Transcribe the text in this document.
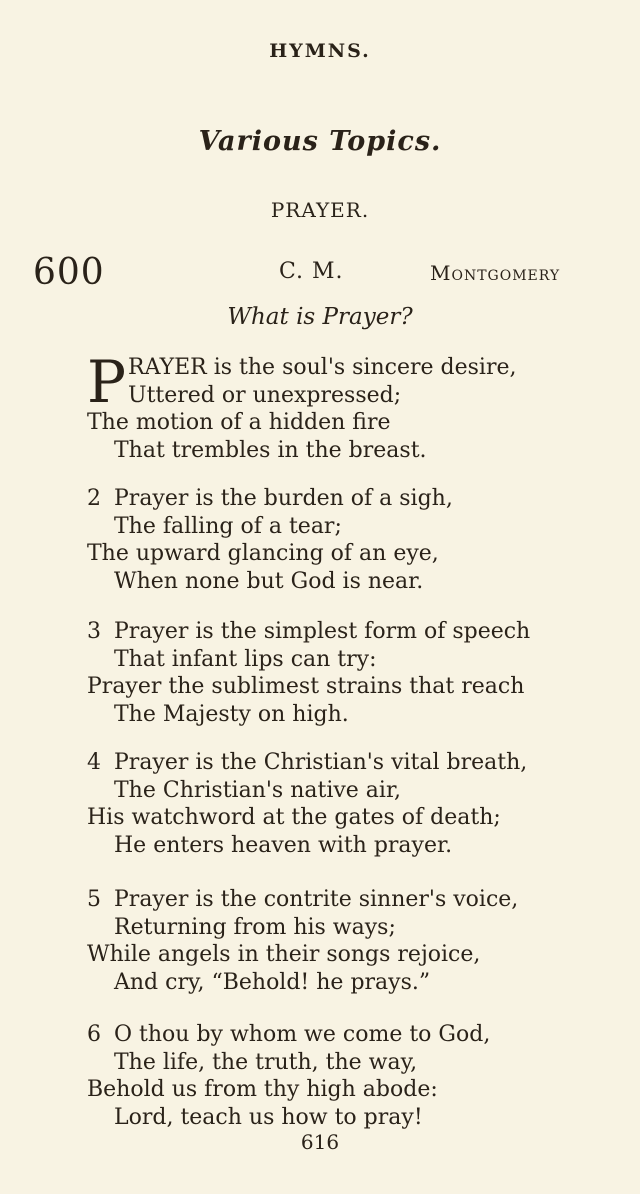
HYMNS.
Various Topics.
PRAYER.
600	C. M.	Montgomery
What is Prayer?
P RAYER is the soul's sincere desire,
Uttered or unexpressed;
The motion of a hidden fire
That trembles in the breast.
2 Prayer is the burden of a sigh,
The falling of a tear;
The upward glancing of an eye,
When none but God is near.
3 Prayer is the simplest form of speech
That infant lips can try:
Prayer the sublimest strains that reach
The Majesty on high.
4 Prayer is the Christian's vital breath,
The Christian's native air,
His watchword at the gates of death;
He enters heaven with prayer.
5 Prayer is the contrite sinner's voice,
Returning from his ways;
While angels in their songs rejoice,
And cry, “Behold! he prays.”
6 O thou by whom we come to God,
The life, the truth, the way,
Behold us from thy high abode:
Lord, teach us how to pray!
616
